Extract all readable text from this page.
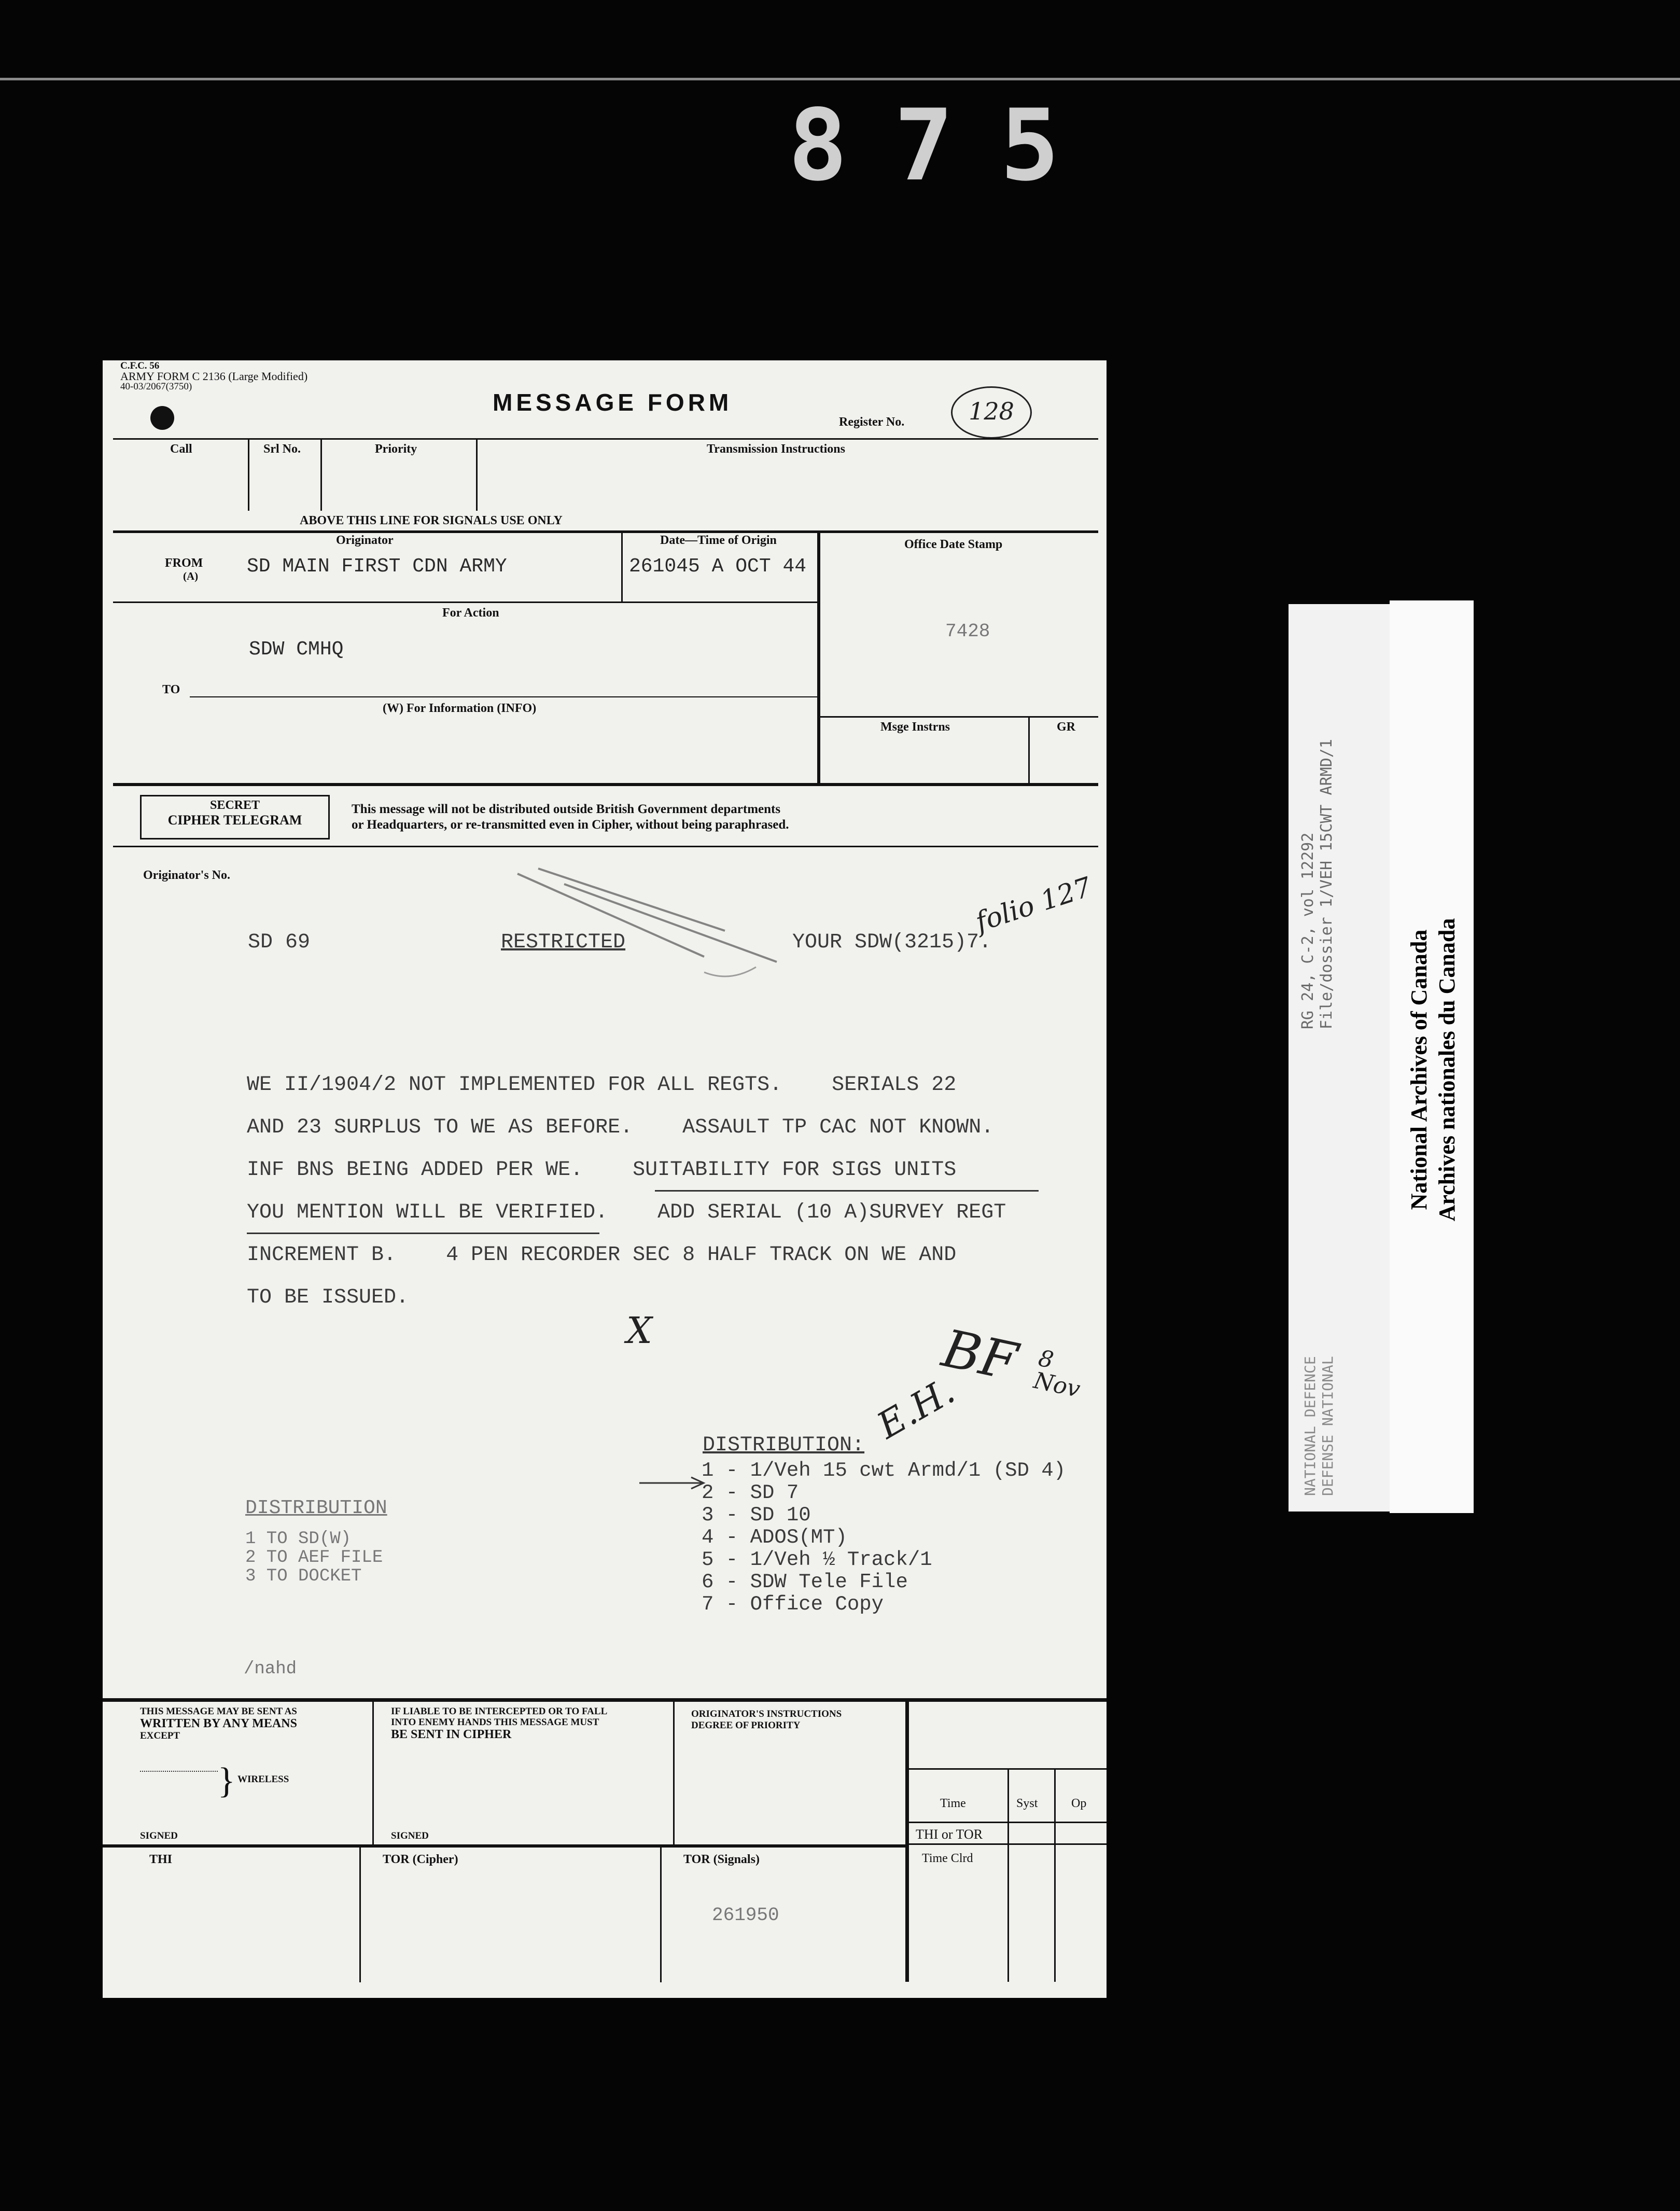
875
C.F.C. 56
ARMY FORM C 2136 (Large Modified)
40-03/2067(3750)
MESSAGE FORM
Register No.	128
Call	Srl No.	Priority	Transmission Instructions
ABOVE THIS LINE FOR SIGNALS USE ONLY
Originator	Date—Time of Origin	Office Date Stamp
FROM
(A) SD MAIN FIRST CDN ARMY	261045 A OCT 44
For Action
SDW CMHQ
7428
TO
(W) For Information (INFO)
Msge Instrns	GR
SECRET
CIPHER TELEGRAM
This message will not be distributed outside British Government departments
or Headquarters, or re-transmitted even in Cipher, without being paraphrased.
Originator's No.
SD 69	RESTRICTED	YOUR SDW(3215)7.
folio 127
WE II/1904/2 NOT IMPLEMENTED FOR ALL REGTS.    SERIALS 22
AND 23 SURPLUS TO WE AS BEFORE.    ASSAULT TP CAC NOT KNOWN.
INF BNS BEING ADDED PER WE.    SUITABILITY FOR SIGS UNITS
YOU MENTION WILL BE VERIFIED.    ADD SERIAL (10 A)SURVEY REGT
INCREMENT B.    4 PEN RECORDER SEC 8 HALF TRACK ON WE AND
TO BE ISSUED.
X	BF 8 Nov
E.H.
DISTRIBUTION:
1 - 1/Veh 15 cwt Armd/1 (SD 4)
2 - SD 7
3 - SD 10
4 - ADOS(MT)
5 - 1/Veh ½ Track/1
6 - SDW Tele File
7 - Office Copy
DISTRIBUTION
1 TO SD(W)
2 TO AEF FILE
3 TO DOCKET
/nahd
THIS MESSAGE MAY BE SENT AS
WRITTEN BY ANY MEANS
EXCEPT
} WIRELESS
SIGNED
IF LIABLE TO BE INTERCEPTED OR TO FALL
INTO ENEMY HANDS THIS MESSAGE MUST
BE SENT IN CIPHER
SIGNED
ORIGINATOR'S INSTRUCTIONS
DEGREE OF PRIORITY
Time	Syst	Op
THI or TOR
Time Clrd
THI	TOR (Cipher)	TOR (Signals)
261950
RG 24, C-2, vol 12292 File/dossier 1/VEH 15CWT ARMD/1
NATIONAL DEFENCE DEFENSE NATIONAL
National Archives of Canada Archives nationales du Canada
